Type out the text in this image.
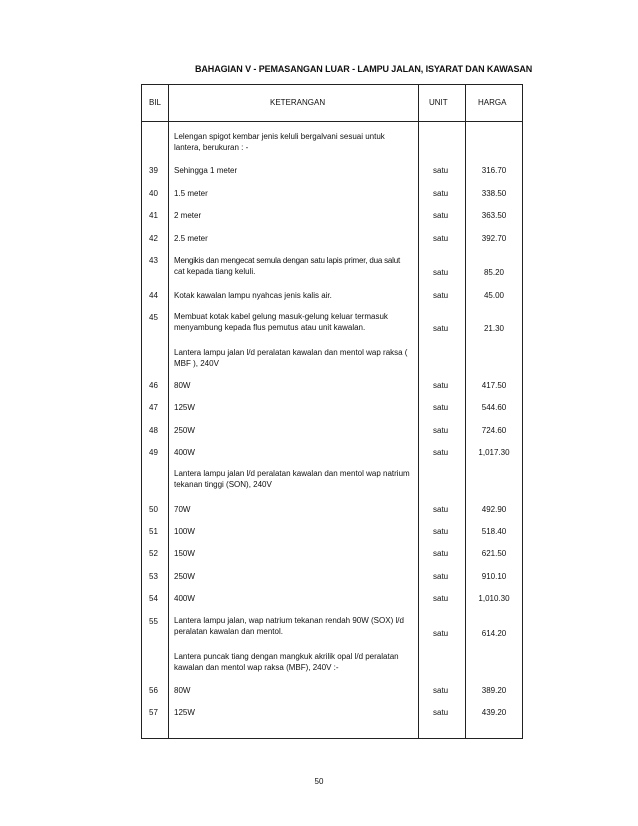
BAHAGIAN V - PEMASANGAN LUAR - LAMPU JALAN, ISYARAT DAN KAWASAN
BIL	KETERANGAN	UNIT	HARGA
Lelengan spigot kembar jenis keluli bergalvani sesuai untuk
lantera, berukuran : -
39 Sehingga 1 meter	satu	316.70
40 1.5 meter	satu	338.50
41 2 meter	satu	363.50
42 2.5 meter	satu	392.70
43 Mengikis dan mengecat semula dengan satu lapis primer, dua salut
cat kepada tiang keluli.	satu	85.20
44 Kotak kawalan lampu nyahcas jenis kalis air.	satu	45.00
45 Membuat kotak kabel gelung masuk-gelung keluar termasuk
menyambung kepada flus pemutus atau unit kawalan.	satu	21.30
Lantera lampu jalan l/d peralatan kawalan dan mentol wap raksa (
MBF ), 240V
46 80W	satu	417.50
47 125W	satu	544.60
48 250W	satu	724.60
49 400W	satu	1,017.30
Lantera lampu jalan l/d peralatan kawalan dan mentol wap natrium
tekanan tinggi (SON), 240V
50 70W	satu	492.90
51 100W	satu	518.40
52 150W	satu	621.50
53 250W	satu	910.10
54 400W	satu	1,010.30
55 Lantera lampu jalan, wap natrium tekanan rendah 90W (SOX) l/d
peralatan kawalan dan mentol.	satu	614.20
Lantera puncak tiang dengan mangkuk akrilik opal l/d peralatan
kawalan dan mentol wap raksa (MBF), 240V :-
56 80W	satu	389.20
57 125W	satu	439.20
50
